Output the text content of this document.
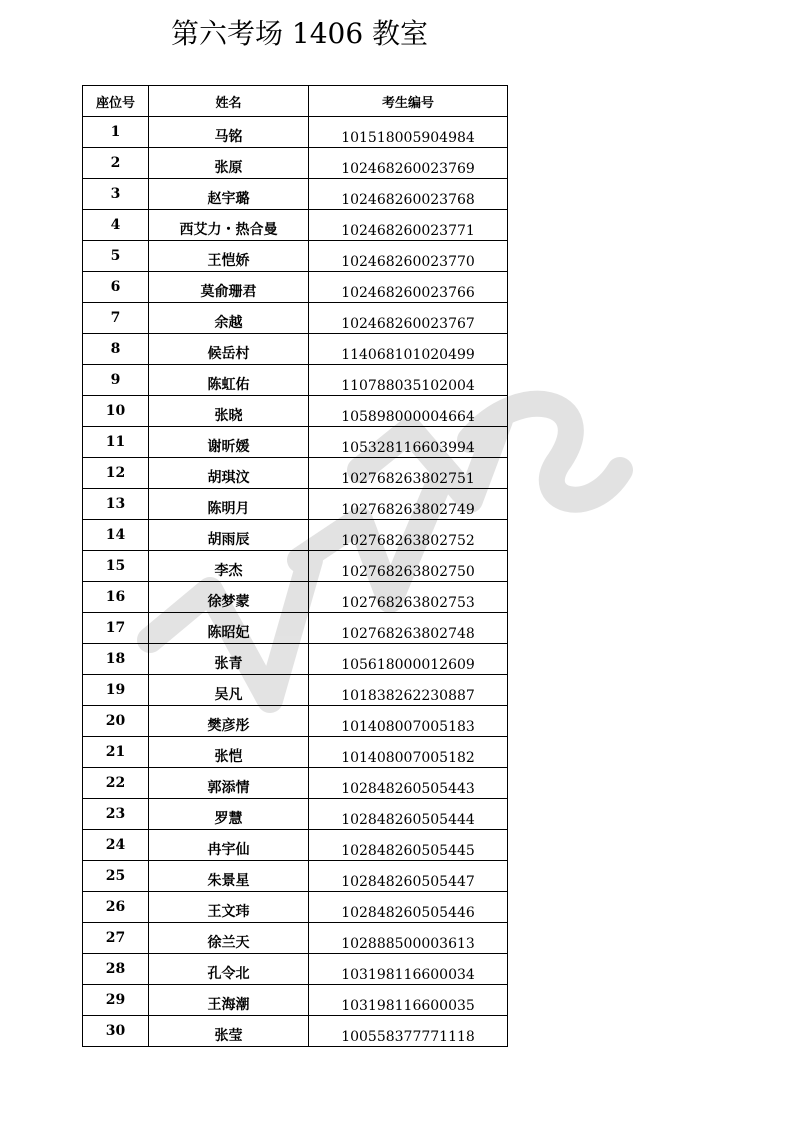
第六考场 1406 教室
座位号	姓名	考生编号
1	马铭	101518005904984
2	张原	102468260023769
3	赵宇璐	102468260023768
4	西艾力・热合曼	102468260023771
5	王恺娇	102468260023770
6	莫俞珊君	102468260023766
7	余越	102468260023767
8	候岳村	114068101020499
9	陈虹佑	110788035102004
10	张晓	105898000004664
11	谢昕媛	105328116603994
12	胡琪汶	102768263802751
13	陈明月	102768263802749
14	胡雨辰	102768263802752
15	李杰	102768263802750
16	徐梦蒙	102768263802753
17	陈昭妃	102768263802748
18	张青	105618000012609
19	吴凡	101838262230887
20	樊彦彤	101408007005183
21	张恺	101408007005182
22	郭添情	102848260505443
23	罗慧	102848260505444
24	冉宇仙	102848260505445
25	朱景星	102848260505447
26	王文玮	102848260505446
27	徐兰天	102888500003613
28	孔令北	103198116600034
29	王海潮	103198116600035
30	张莹	100558377771118
